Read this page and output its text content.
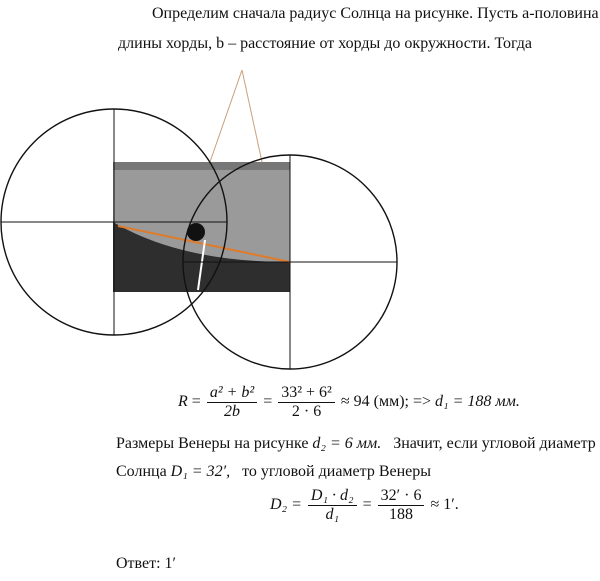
Определим сначала радиус Солнца на рисунке. Пусть a-половина
длины хорды, b – расстояние от хорды до окружности. Тогда
$R = \frac{\text{a² + b²}}{2b} = \frac{\text{33² + 6²}}{2 \cdot 6} \approx 94$ (мм); => d₁ = 188 мм.
Размеры Венеры на рисунке d₂ = 6 мм. Значит, если угловой диаметр
Солнца D₁ = 32′, то угловой диаметр Венеры
$D_2 = \frac{\text{D₁ · d₂}}{\text{d₁}} = \frac{32' \cdot 6}{188} \approx 1'$.
Ответ: 1′
